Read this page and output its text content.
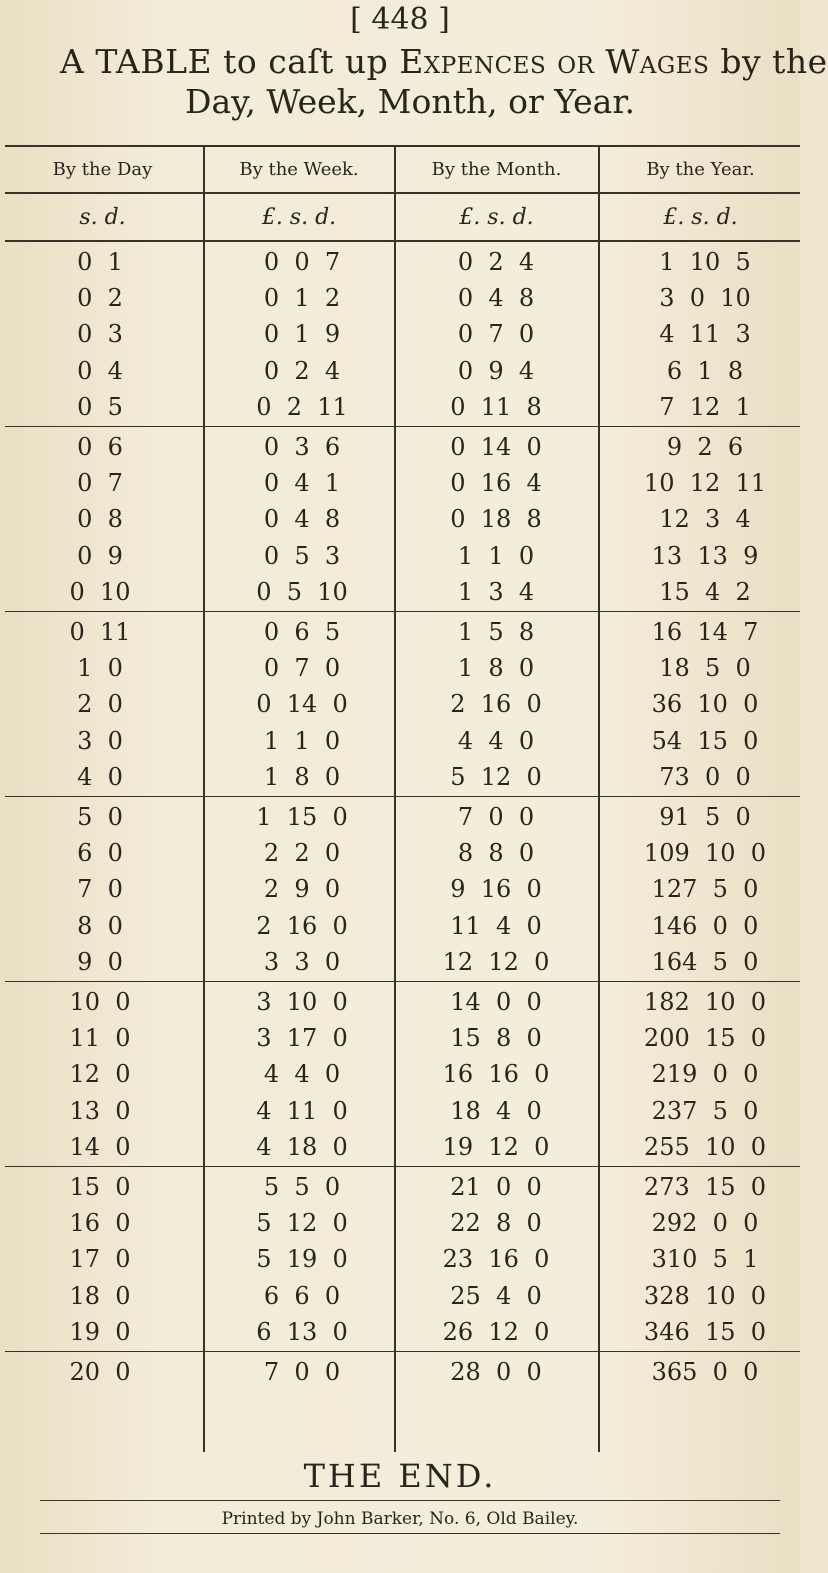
[ 448 ]
A TABLE to caſt up Expences or Wages by the
Day, Week, Month, or Year.
By the Day	By the Week.	By the Month.	By the Year.
s. d.	£. s. d.	£. s. d.	£. s. d.
0  1	0  0  7	0  2  4	1  10  5
0  2	0  1  2	0  4  8	3  0  10
0  3	0  1  9	0  7  0	4  11  3
0  4	0  2  4	0  9  4	6  1  8
0  5	0  2  11	0  11  8	7  12  1
0  6	0  3  6	0  14  0	9  2  6
0  7	0  4  1	0  16  4	10  12  11
0  8	0  4  8	0  18  8	12  3  4
0  9	0  5  3	1  1  0	13  13  9
0  10	0  5  10	1  3  4	15  4  2
0  11	0  6  5	1  5  8	16  14  7
1  0	0  7  0	1  8  0	18  5  0
2  0	0  14  0	2  16  0	36  10  0
3  0	1  1  0	4  4  0	54  15  0
4  0	1  8  0	5  12  0	73  0  0
5  0	1  15  0	7  0  0	91  5  0
6  0	2  2  0	8  8  0	109  10  0
7  0	2  9  0	9  16  0	127  5  0
8  0	2  16  0	11  4  0	146  0  0
9  0	3  3  0	12  12  0	164  5  0
10  0	3  10  0	14  0  0	182  10  0
11  0	3  17  0	15  8  0	200  15  0
12  0	4  4  0	16  16  0	219  0  0
13  0	4  11  0	18  4  0	237  5  0
14  0	4  18  0	19  12  0	255  10  0
15  0	5  5  0	21  0  0	273  15  0
16  0	5  12  0	22  8  0	292  0  0
17  0	5  19  0	23  16  0	310  5  1
18  0	6  6  0	25  4  0	328  10  0
19  0	6  13  0	26  12  0	346  15  0
20  0	7  0  0	28  0  0	365  0  0
THE END.
Printed by John Barker, No. 6, Old Bailey.
